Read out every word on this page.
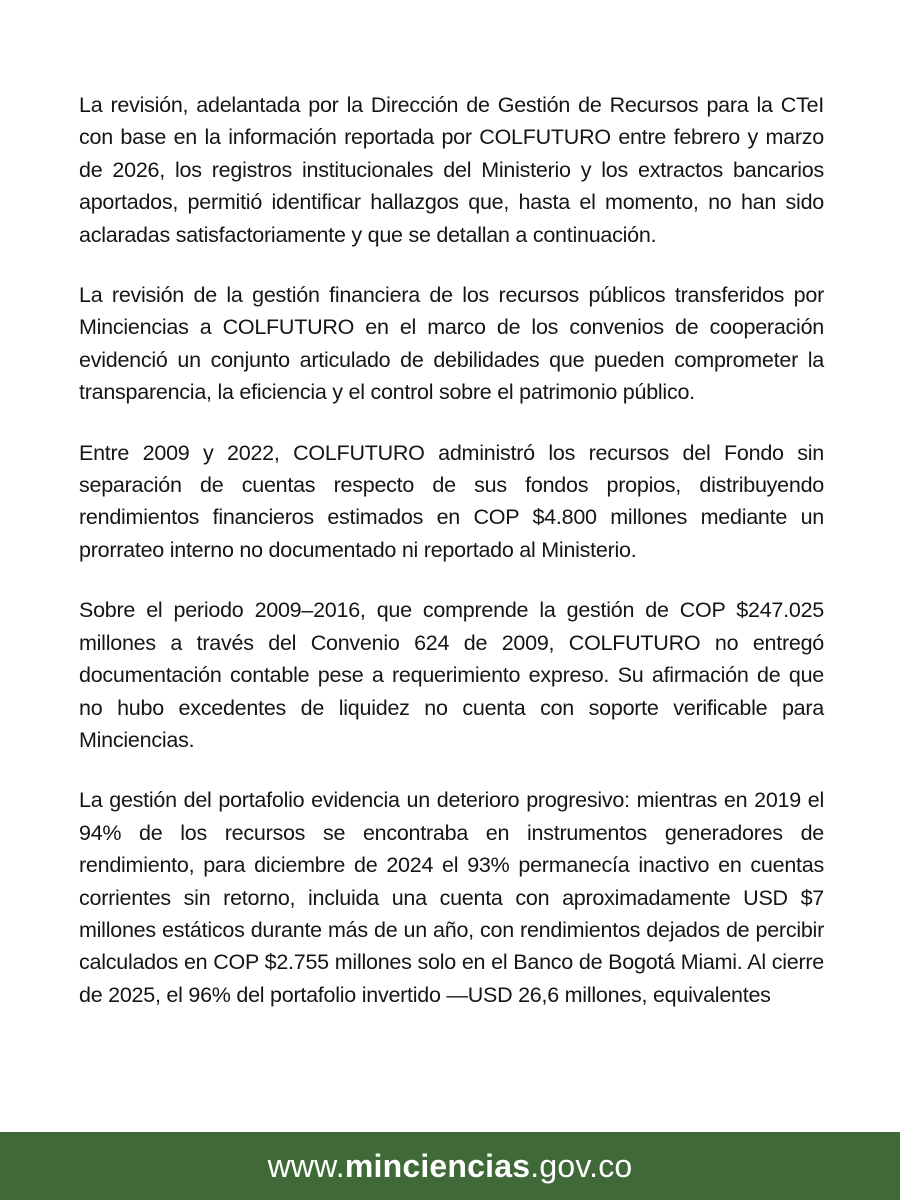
La revisión, adelantada por la Dirección de Gestión de Recursos para la CTeI con base en la información reportada por COLFUTURO entre febrero y marzo de 2026, los registros institucionales del Ministerio y los extractos bancarios aportados, permitió identificar hallazgos que, hasta el momento, no han sido aclaradas satisfactoriamente y que se detallan a continuación.

La revisión de la gestión financiera de los recursos públicos transferidos por Minciencias a COLFUTURO en el marco de los convenios de cooperación evidenció un conjunto articulado de debilidades que pueden comprometer la transparencia, la eficiencia y el control sobre el patrimonio público.

Entre 2009 y 2022, COLFUTURO administró los recursos del Fondo sin separación de cuentas respecto de sus fondos propios, distribuyendo rendimientos financieros estimados en COP $4.800 millones mediante un prorrateo interno no documentado ni reportado al Ministerio.

Sobre el periodo 2009–2016, que comprende la gestión de COP $247.025 millones a través del Convenio 624 de 2009, COLFUTURO no entregó documentación contable pese a requerimiento expreso. Su afirmación de que no hubo excedentes de liquidez no cuenta con soporte verificable para Minciencias.

La gestión del portafolio evidencia un deterioro progresivo: mientras en 2019 el 94% de los recursos se encontraba en instrumentos generadores de rendimiento, para diciembre de 2024 el 93% permanecía inactivo en cuentas corrientes sin retorno, incluida una cuenta con aproximadamente USD $7 millones estáticos durante más de un año, con rendimientos dejados de percibir calculados en COP $2.755 millones solo en el Banco de Bogotá Miami. Al cierre de 2025, el 96% del portafolio invertido —USD 26,6 millones, equivalentes

www.minciencias.gov.co
